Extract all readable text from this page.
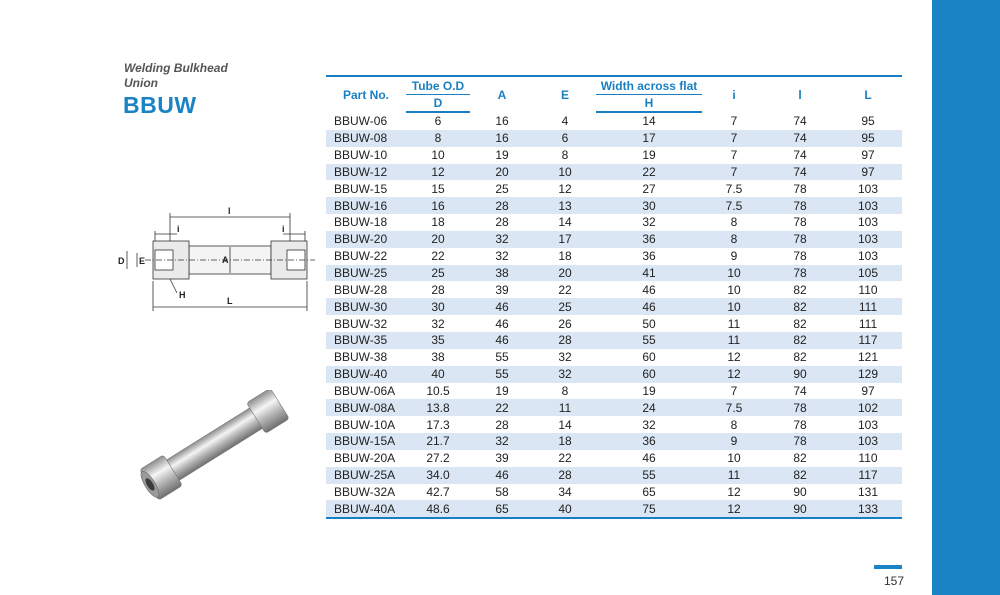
Welding Bulkhead
Union
BBUW
l
i	i
D E	A
H
L
Part No.	Tube O.D	A	E	Width across flat	i	l	L
	D			H			
BBUW-06	6	16	4	14	7	74	95
BBUW-08	8	16	6	17	7	74	95
BBUW-10	10	19	8	19	7	74	97
BBUW-12	12	20	10	22	7	74	97
BBUW-15	15	25	12	27	7.5	78	103
BBUW-16	16	28	13	30	7.5	78	103
BBUW-18	18	28	14	32	8	78	103
BBUW-20	20	32	17	36	8	78	103
BBUW-22	22	32	18	36	9	78	103
BBUW-25	25	38	20	41	10	78	105
BBUW-28	28	39	22	46	10	82	110
BBUW-30	30	46	25	46	10	82	111
BBUW-32	32	46	26	50	11	82	111
BBUW-35	35	46	28	55	11	82	117
BBUW-38	38	55	32	60	12	82	121
BBUW-40	40	55	32	60	12	90	129
BBUW-06A	10.5	19	8	19	7	74	97
BBUW-08A	13.8	22	11	24	7.5	78	102
BBUW-10A	17.3	28	14	32	8	78	103
BBUW-15A	21.7	32	18	36	9	78	103
BBUW-20A	27.2	39	22	46	10	82	110
BBUW-25A	34.0	46	28	55	11	82	117
BBUW-32A	42.7	58	34	65	12	90	131
BBUW-40A	48.6	65	40	75	12	90	133
157
